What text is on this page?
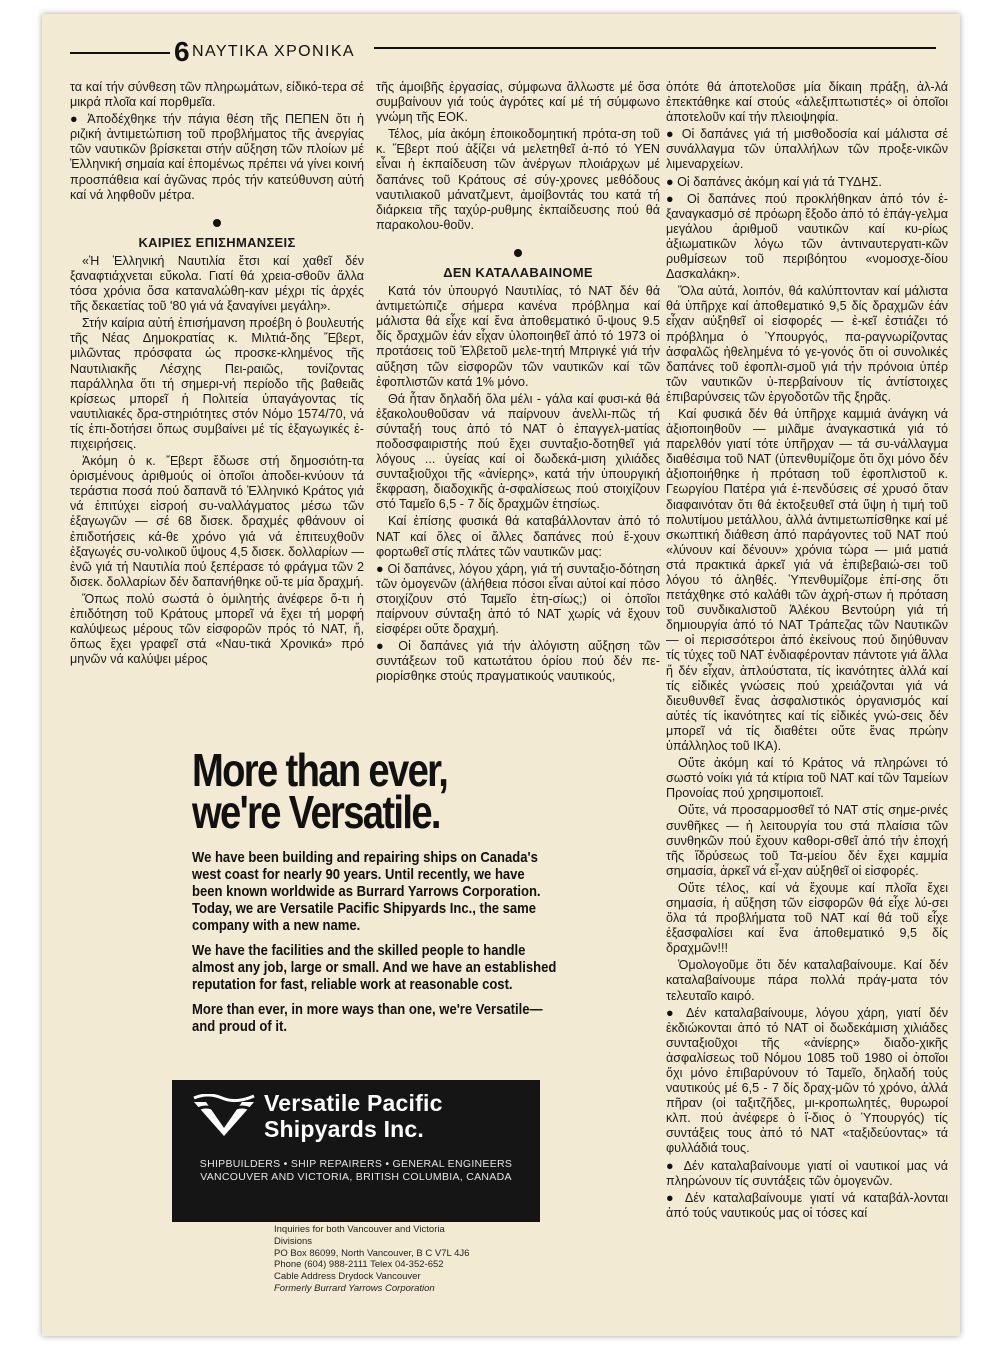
6 ΝΑΥΤΙΚΑ ΧΡΟΝΙΚΑ

τα καί τήν σύνθεση τῶν πληρωμάτων, είδικό-τερα σέ μικρά πλοῖα καί πορθμεῖα.

● Ἀποδέχθηκε τήν πάγια θέση τῆς ΠΕΠΕΝ ὅτι ἡ ριζική ἀντιμετώπιση τοῦ προβλήματος τῆς ἀνεργίας τῶν ναυτικῶν βρίσκεται στήν αὔξηση τῶν πλοίων μέ Ἑλληνική σημαία καί ἑπομένως πρέπει νά γίνει κοινή προσπάθεια καί ἀγῶνας πρός τήν κατεύθυνση αὐτή καί νά ληφθοῦν μέτρα.

ΚΑΙΡΙΕΣ ΕΠΙΣΗΜΑΝΣΕΙΣ

«Ἡ Ἑλληνική Ναυτιλία ἔτσι καί χαθεῖ δέν ξαναφτιάχνεται εὔκολα. Γιατί θά χρεια-σθοῦν ἄλλα τόσα χρόνια ὅσα καταναλώθη-καν μέχρι τίς ἀρχές τῆς δεκαετίας τοῦ '80 γιά νά ξαναγίνει μεγάλη».

Στήν καίρια αὐτή ἐπισήμανση προέβη ὁ βουλευτής τῆς Νέας Δημοκρατίας κ. Μιλτιά-δης Ἔβερτ, μιλῶντας πρόσφατα ὡς προσκε-κλημένος τῆς Ναυτιλιακῆς Λέσχης Πει-ραιῶς, τονίζοντας παράλληλα ὅτι τή σημερι-νή περίοδο τῆς βαθειᾶς κρίσεως μπορεῖ ἡ Πολιτεία ὑπαγάγοντας τίς ναυτιλιακές δρα-στηριότητες στόν Νόμο 1574/70, νά τίς ἐπι-δοτήσει ὅπως συμβαίνει μέ τίς ἐξαγωγικές ἐ-πιχειρήσεις.

Ἀκόμη ὁ κ. Ἔβερτ ἔδωσε στή δημοσιότη-τα ὁρισμένους ἀριθμούς οἱ ὁποῖοι ἀποδει-κνύουν τά τεράστια ποσά πού δαπανᾶ τό Ἑλληνικό Κράτος γιά νά ἐπιτύχει εἰσροή συ-ναλλάγματος μέσω τῶν ἐξαγωγῶν — σέ 68 δισεκ. δραχμές φθάνουν οἱ ἐπιδοτήσεις κά-θε χρόνο γιά νά ἐπιτευχθοῦν ἐξαγωγές συ-νολικοῦ ὕψους 4,5 δισεκ. δολλαρίων — ἐνῶ γιά τή Ναυτιλία πού ξεπέρασε τό φράγμα τῶν 2 δισεκ. δολλαρίων δέν δαπανήθηκε οὔ-τε μία δραχμή.

Ὅπως πολύ σωστά ὁ ὁμιλητής ἀνέφερε ὅ-τι ἡ ἐπιδότηση τοῦ Κράτους μπορεῖ νά ἔχει τή μορφή καλύψεως μέρους τῶν εἰσφορῶν πρός τό ΝΑΤ, ἤ, ὅπως ἔχει γραφεῖ στά «Ναυ-τικά Χρονικά» πρό μηνῶν νά καλύψει μέρος

τῆς ἀμοιβῆς ἐργασίας, σύμφωνα ἄλλωστε μέ ὅσα συμβαίνουν γιά τούς ἀγρότες καί μέ τή σύμφωνο γνώμη τῆς ΕΟΚ.

Τέλος, μία ἀκόμη ἐποικοδομητική πρότα-ση τοῦ κ. Ἔβερτ πού ἀξίζει νά μελετηθεῖ ἀ-πό τό ΥΕΝ εἶναι ἡ ἐκπαίδευση τῶν ἀνέργων πλοιάρχων μέ δαπάνες τοῦ Κράτους σέ σύγ-χρονες μεθόδους ναυτιλιακοῦ μάνατζμεντ, ἀμοίβοντάς του κατά τή διάρκεια τῆς ταχύρ-ρυθμης ἐκπαίδευσης πού θά παρακολου-θοῦν.

ΔΕΝ ΚΑΤΑΛΑΒΑΙΝΟΜΕ

Κατά τόν ὑπουργό Ναυτιλίας, τό ΝΑΤ δέν θά ἀντιμετώπιζε σήμερα κανένα πρόβλημα καί μάλιστα θά εἶχε καί ἕνα ἀποθεματικό ὕ-ψους 9.5 δίς δραχμῶν ἐάν εἶχαν ὑλοποιηθεῖ ἀπό τό 1973 οἱ προτάσεις τοῦ Ἑλβετοῦ μελε-τητή Μπριγκέ γιά τήν αὔξηση τῶν εἰσφορῶν τῶν ναυτικῶν καί τῶν ἐφοπλιστῶν κατά 1% μόνο.

Θά ἦταν δηλαδή ὅλα μέλι - γάλα καί φυσι-κά θά ἐξακολουθοῦσαν νά παίρνουν ἀνελλι-πῶς τή σύνταξή τους ἀπό τό ΝΑΤ ὁ ἐπαγγελ-ματίας ποδοσφαιριστής πού ἔχει συνταξιο-δοτηθεῖ γιά λόγους ... ὑγείας καί οἱ δωδεκά-μιση χιλιάδες συνταξιοῦχοι τῆς «ἀνίερης», κατά τήν ὑπουργική ἔκφραση, διαδοχικῆς ἀ-σφαλίσεως πού στοιχίζουν στό Ταμεῖο 6,5 - 7 δίς δραχμῶν ἐτησίως.

Καί ἐπίσης φυσικά θά καταβάλλονταν ἀπό τό ΝΑΤ καί ὅλες οἱ ἄλλες δαπάνες πού ἔ-χουν φορτωθεῖ στίς πλάτες τῶν ναυτικῶν μας:

● Οἱ δαπάνες, λόγου χάρη, γιά τή συνταξιο-δότηση τῶν ὁμογενῶν (ἀλήθεια πόσοι εἶναι αὐτοί καί πόσο στοιχίζουν στό Ταμεῖο ἐτη-σίως;) οἱ ὁποῖοι παίρνουν σύνταξη ἀπό τό ΝΑΤ χωρίς νά ἔχουν εἰσφέρει οὔτε δραχμή.

● Οἱ δαπάνες γιά τήν ἀλόγιστη αὔξηση τῶν συντάξεων τοῦ κατωτάτου ὁρίου πού δέν πε-ριορίσθηκε στούς πραγματικούς ναυτικούς,

ὁπότε θά ἀποτελοῦσε μία δίκαιη πράξη, ἀλ-λά ἐπεκτάθηκε καί στούς «ἀλεξιπτωτιστές» οἱ ὁποῖοι ἀποτελοῦν καί τήν πλειοψηφία.

● Οἱ δαπάνες γιά τή μισθοδοσία καί μάλιστα σέ συνάλλαγμα τῶν ὑπαλλήλων τῶν προξε-νικῶν λιμεναρχείων.

● Οἱ δαπάνες ἀκόμη καί γιά τά ΤΥΔΗΣ.

● Οἱ δαπάνες πού προκλήθηκαν ἀπό τόν ἐ-ξαναγκασμό σέ πρόωρη ἔξοδο ἀπό τό ἐπάγ-γελμα μεγάλου ἀριθμοῦ ναυτικῶν καί κυ-ρίως ἀξιωματικῶν λόγω τῶν ἀντιναυτεργατι-κῶν ρυθμίσεων τοῦ περιβόητου «νομοσχε-δίου Δασκαλάκη».

Ὅλα αὐτά, λοιπόν, θά καλύπτονταν καί μάλιστα θά ὑπῆρχε καί ἀποθεματικό 9,5 δίς δραχμῶν ἐάν εἶχαν αὐξηθεῖ οἱ εἰσφορές — ἐ-κεῖ ἐστιάζει τό πρόβλημα ὁ Ὑπουργός, πα-ραγνωρίζοντας ἀσφαλῶς ἠθελημένα τό γε-γονός ὅτι οἱ συνολικές δαπάνες τοῦ ἐφοπλι-σμοῦ γιά τήν πρόνοια ὑπέρ τῶν ναυτικῶν ὑ-περβαίνουν τίς ἀντίστοιχες ἐπιβαρύνσεις τῶν ἐργοδοτῶν τῆς ξηρᾶς.

Καί φυσικά δέν θά ὑπῆρχε καμμιά ἀνάγκη νά ἀξιοποιηθοῦν — μιλᾶμε ἀναγκαστικά γιά τό παρελθόν γιατί τότε ὑπῆρχαν — τά συ-νάλλαγμα διαθέσιμα τοῦ ΝΑΤ (ὑπενθυμίζομε ὅτι ὄχι μόνο δέν ἀξιοποιήθηκε ἡ πρόταση τοῦ ἐφοπλιστοῦ κ. Γεωργίου Πατέρα γιά ἐ-πενδύσεις σέ χρυσό ὅταν διαφαινόταν ὅτι θά ἐκτοξευθεῖ στά ὕψη ἡ τιμή τοῦ πολυτίμου μετάλλου, ἀλλά ἀντιμετωπίσθηκε καί μέ σκωπτική διάθεση ἀπό παράγοντες τοῦ ΝΑΤ πού «λύνουν καί δένουν» χρόνια τώρα — μιά ματιά στά πρακτικά ἀρκεῖ γιά νά ἐπιβεβαιώ-σει τοῦ λόγου τό ἀληθές. Ὑπενθυμίζομε ἐπί-σης ὅτι πετάχθηκε στό καλάθι τῶν ἀχρή-στων ἡ πρόταση τοῦ συνδικαλιστοῦ Ἀλέκου Βεντούρη γιά τή δημιουργία ἀπό τό ΝΑΤ Τράπεζας τῶν Ναυτικῶν — οἱ περισσότεροι ἀπό ἐκείνους πού διηύθυναν τίς τύχες τοῦ ΝΑΤ ἐνδιαφέρονταν πάντοτε γιά ἄλλα ἤ δέν εἶχαν, ἁπλούστατα, τίς ἱκανότητες ἀλλά καί τίς εἰδικές γνώσεις πού χρειάζονται γιά νά διευθυνθεῖ ἕνας ἀσφαλιστικός ὀργανισμός καί αὐτές τίς ἱκανότητες καί τίς εἰδικές γνώ-σεις δέν μπορεῖ νά τίς διαθέτει οὔτε ἕνας πρώην ὑπάλληλος τοῦ ΙΚΑ).

Οὔτε ἀκόμη καί τό Κράτος νά πληρώνει τό σωστό νοίκι γιά τά κτίρια τοῦ ΝΑΤ καί τῶν Ταμείων Προνοίας πού χρησιμοποιεῖ.

Οὔτε, νά προσαρμοσθεῖ τό ΝΑΤ στίς σημε-ρινές συνθῆκες — ἡ λειτουργία του στά πλαίσια τῶν συνθηκῶν πού ἔχουν καθορι-σθεῖ ἀπό τήν ἐποχή τῆς ἵδρύσεως τοῦ Τα-μείου δέν ἔχει καμμία σημασία, ἀρκεῖ νά εἶ-χαν αὐξηθεῖ οἱ εἰσφορές.

Οὔτε τέλος, καί νά ἔχουμε καί πλοῖα ἔχει σημασία, ἡ αὔξηση τῶν εἰσφορῶν θά εἶχε λύ-σει ὅλα τά προβλήματα τοῦ ΝΑΤ καί θά τοῦ εἶχε ἐξασφαλίσει καί ἕνα ἀποθεματικό 9,5 δίς δραχμῶν!!!

Ὁμολογοῦμε ὅτι δέν καταλαβαίνουμε. Καί δέν καταλαβαίνουμε πάρα πολλά πράγ-ματα τόν τελευταῖο καιρό.

● Δέν καταλαβαίνουμε, λόγου χάρη, γιατί δέν ἐκδιώκονται ἀπό τό ΝΑΤ οἱ δωδεκάμιση χιλιάδες συνταξιοῦχοι τῆς «ἀνίερης» διαδο-χικῆς ἀσφαλίσεως τοῦ Νόμου 1085 τοῦ 1980 οἱ ὁποῖοι ὄχι μόνο ἐπιβαρύνουν τό Ταμεῖο, δηλαδή τούς ναυτικούς μέ 6,5 - 7 δίς δραχ-μῶν τό χρόνο, ἀλλά πῆραν (οἱ ταξιτζῆδες, μι-κροπωλητές, θυρωροί κλπ. πού ἀνέφερε ὁ ἴ-διος ὁ Ὑπουργός) τίς συντάξεις τους ἀπό τό ΝΑΤ «ταξιδεύοντας» τά φυλλάδιά τους.

● Δέν καταλαβαίνουμε γιατί οἱ ναυτικοί μας νά πληρώνουν τίς συντάξεις τῶν ὁμογενῶν.

● Δέν καταλαβαίνουμε γιατί νά καταβάλ-λονται ἀπό τούς ναυτικούς μας οἱ τόσες καί

More than ever,
we're Versatile.

We have been building and repairing ships on Canada's west coast for nearly 90 years. Until recently, we have been known worldwide as Burrard Yarrows Corporation. Today, we are Versatile Pacific Shipyards Inc., the same company with a new name.

We have the facilities and the skilled people to handle almost any job, large or small. And we have an established reputation for fast, reliable work at reasonable cost.

More than ever, in more ways than one, we're Versatile—and proud of it.

Versatile Pacific
Shipyards Inc.
SHIPBUILDERS • SHIP REPAIRERS • GENERAL ENGINEERS
VANCOUVER AND VICTORIA, BRITISH COLUMBIA, CANADA
Inquiries for both Vancouver and Victoria
Divisions
PO Box 86099, North Vancouver, B C V7L 4J6
Phone (604) 988-2111 Telex 04-352-652
Cable Address Drydock Vancouver
Formerly Burrard Yarrows Corporation
